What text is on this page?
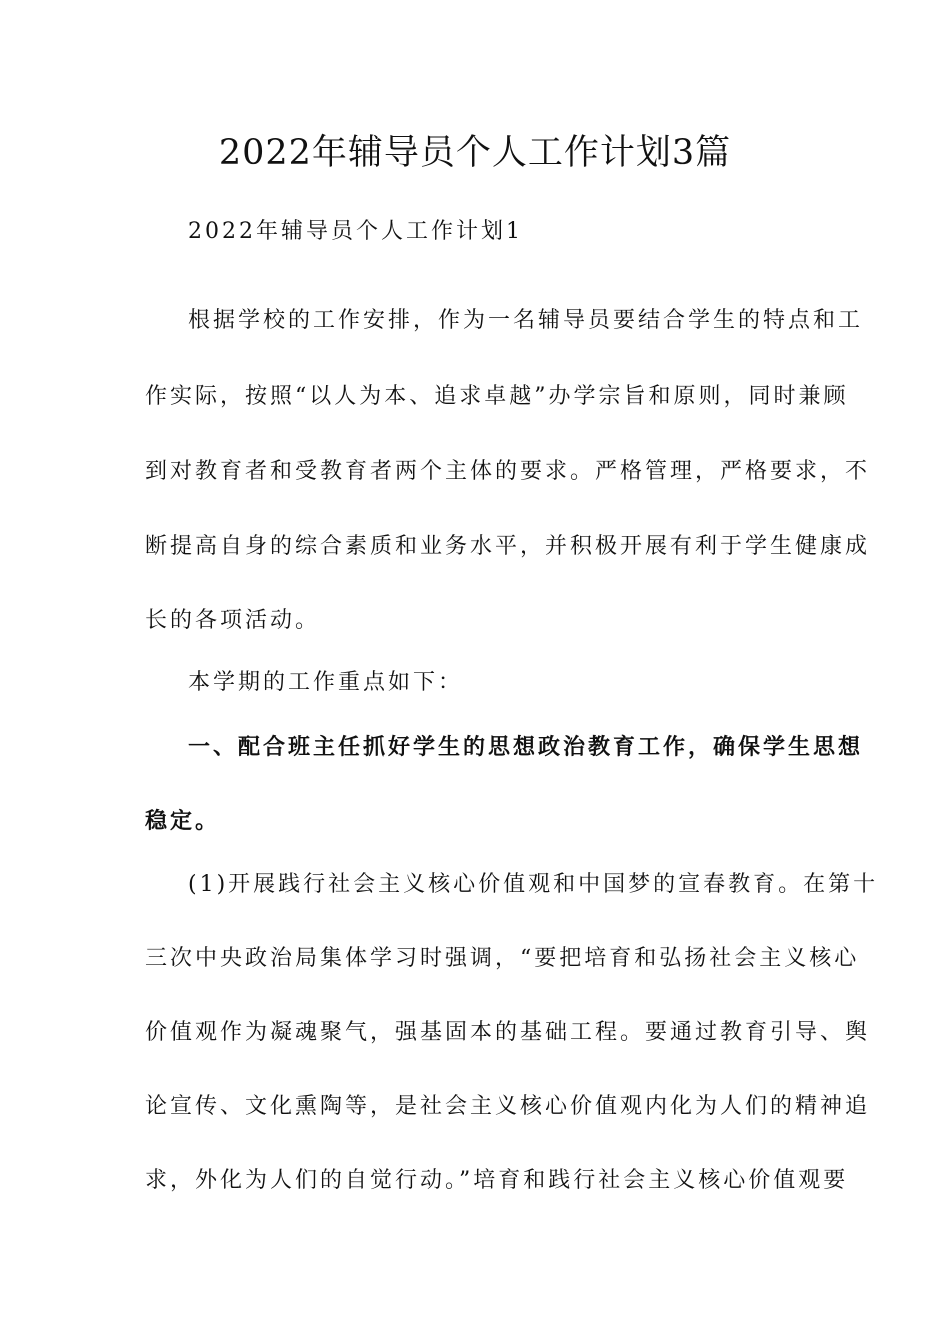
2022年辅导员个人工作计划3篇
2022年辅导员个人工作计划1
根据学校的工作安排，作为一名辅导员要结合学生的特点和工
作实际，按照“以人为本、追求卓越”办学宗旨和原则，同时兼顾
到对教育者和受教育者两个主体的要求。严格管理，严格要求，不
断提高自身的综合素质和业务水平，并积极开展有利于学生健康成
长的各项活动。
本学期的工作重点如下：
一、配合班主任抓好学生的思想政治教育工作，确保学生思想
稳定。
(1)开展践行社会主义核心价值观和中国梦的宣春教育。在第十
三次中央政治局集体学习时强调，“要把培育和弘扬社会主义核心
价值观作为凝魂聚气，强基固本的基础工程。要通过教育引导、舆
论宣传、文化熏陶等，是社会主义核心价值观内化为人们的精神追
求，外化为人们的自觉行动。”培育和践行社会主义核心价值观要
